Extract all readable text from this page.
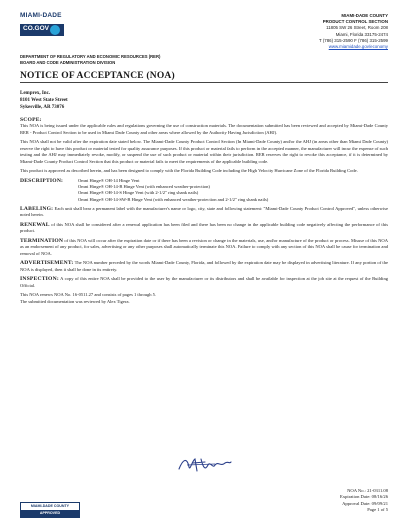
MIAMI-DADE
CO.GOV
DEPARTMENT OF REGULATORY AND ECONOMIC RESOURCES (RER)
BOARD AND CODE ADMINISTRATION DIVISION
MIAMI-DADE COUNTY
PRODUCT CONTROL SECTION
11805 SW 26 Street, Room 208
Miami, Florida 33175-2474
T (786) 315-2590 F (786) 315-2599
www.miamidade.gov/economy
NOTICE OF ACCEPTANCE (NOA)
Lemprex, Inc.
8101 West State Street
Sykesville, AR 73076
SCOPE:
This NOA is being issued under the applicable rules and regulations governing the use of construction materials. The documentation submitted has been reviewed and accepted by Miami-Dade County RER - Product Control Section to be used in Miami Dade County and other areas where allowed by the Authority Having Jurisdiction (AHJ).
This NOA shall not be valid after the expiration date stated below. The Miami-Dade County Product Control Section (In Miami-Dade County) and/or the AHJ (in areas other than Miami Dade County) reserve the right to have this product or material tested for quality assurance purposes. If this product or material fails to perform in the accepted manner, the manufacturer will incur the expense of such testing and the AHJ may immediately revoke, modify, or suspend the use of such product or material within their jurisdiction. RER reserves the right to revoke this acceptance, if it is determined by Miami-Dade County Product Control Section that this product or material fails to meet the requirements of the applicable building code.
This product is approved as described herein, and has been designed to comply with the Florida Building Code including the High Velocity Hurricane Zone of the Florida Building Code.
DESCRIPTION:	Omni Hinge® OH-14 Hinge Vent
Omni Hinge® OH-14-B Hinge Vent (with enhanced weather-protection)
Omni Hinge® OH-14-S Hinge Vent (with 2-1/2" ring shank nails)
Omni Hinge® OH-14-SW-B Hinge Vent (with enhanced weather-protection and 2-1/2" ring shank nails)
LABELING: Each unit shall bear a permanent label with the manufacturer's name or logo, city, state and following statement: "Miami-Dade County Product Control Approved", unless otherwise noted herein.
RENEWAL of this NOA shall be considered after a renewal application has been filed and there has been no change in the applicable building code negatively affecting the performance of this product.
TERMINATION of this NOA will occur after the expiration date or if there has been a revision or change in the materials, use, and/or manufacture of the product or process. Misuse of this NOA as an endorsement of any product, for sales, advertising or any other purposes shall automatically terminate this NOA. Failure to comply with any section of this NOA shall be cause for termination and removal of NOA.
ADVERTISEMENT: The NOA number preceded by the words Miami-Dade County, Florida, and followed by the expiration date may be displayed in advertising literature. If any portion of the NOA is displayed, then it shall be done in its entirety.
INSPECTION: A copy of this entire NOA shall be provided to the user by the manufacturer or its distributors and shall be available for inspection at the job site at the request of the Building Official.
This NOA renews NOA No. 16-0511.27 and consists of pages 1 through 5.
The submitted documentation was reviewed by Alex Tigera.
MIAMI-DADE COUNTY
APPROVED
NOA No.: 21-0311.08
Expiration Date: 08/16/26
Approval Date: 09/09/21
Page 1 of 5
